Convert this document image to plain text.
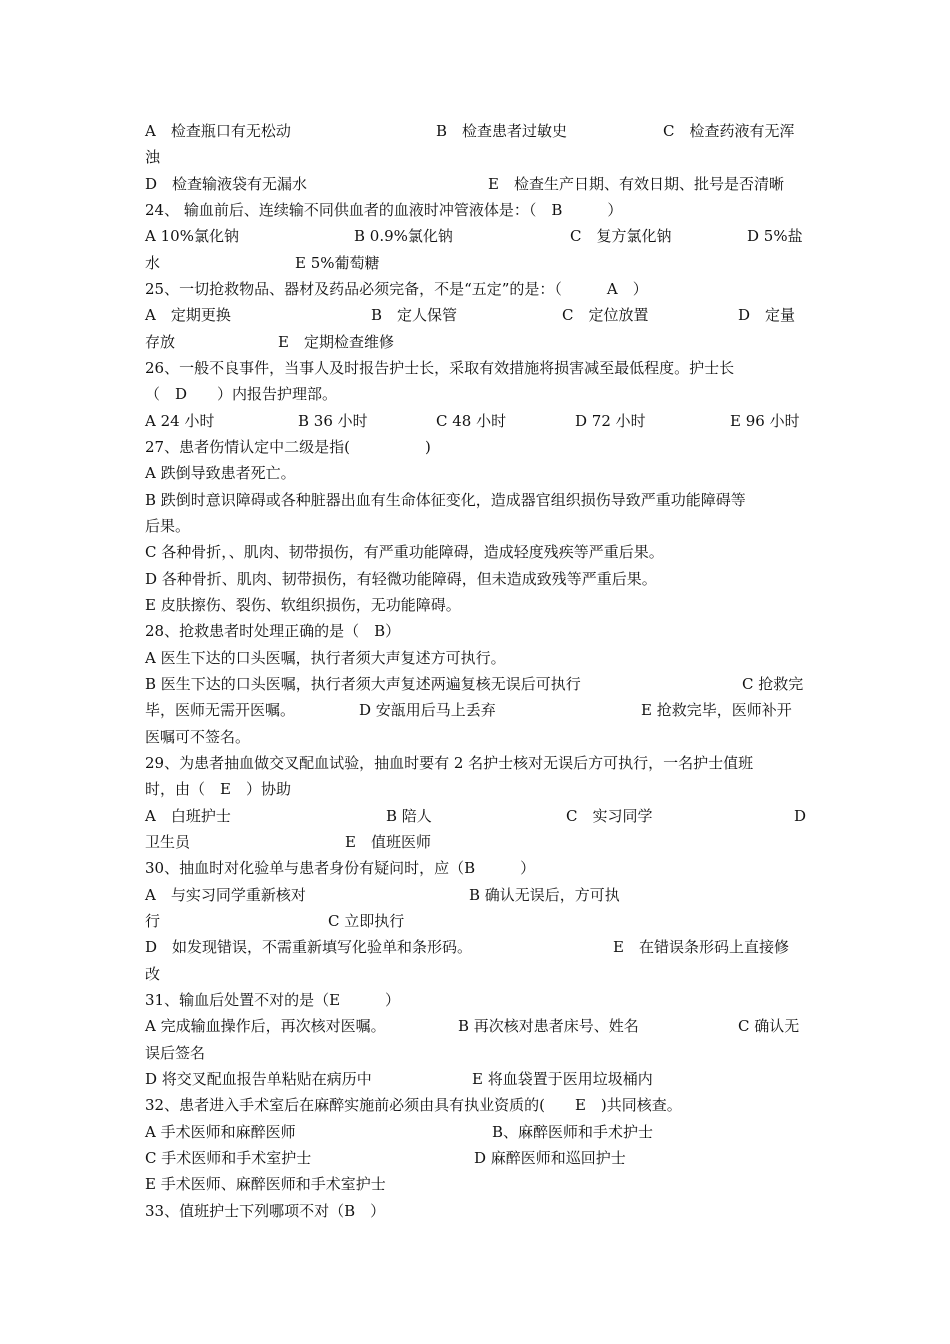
A　检查瓶口有无松动	B　检查患者过敏史	C　检查药液有无浑
浊
D　检查输液袋有无漏水	E　检查生产日期、有效日期、批号是否清晰
24、 输血前后、连续输不同供血者的血液时冲管液体是：（　B　　　）
A 10%氯化钠	B 0.9%氯化钠	C　复方氯化钠	D 5%盐
水	E 5%葡萄糖
25、一切抢救物品、器材及药品必须完备，不是“五定”的是：（　　　A　）
A　定期更换	B　定人保管	C　定位放置	D　定量
存放	E　定期检查维修
26、一般不良事件，当事人及时报告护士长，采取有效措施将损害减至最低程度。护士长
（　D　　）内报告护理部。
A 24 小时	B 36 小时	C 48 小时	D 72 小时	E 96 小时
27、患者伤情认定中二级是指(　　　　　)
A 跌倒导致患者死亡。
B 跌倒时意识障碍或各种脏器出血有生命体征变化，造成器官组织损伤导致严重功能障碍等
后果。
C 各种骨折，、肌肉、韧带损伤，有严重功能障碍，造成轻度残疾等严重后果。
D 各种骨折、肌肉、韧带损伤，有轻微功能障碍，但未造成致残等严重后果。
E 皮肤擦伤、裂伤、软组织损伤，无功能障碍。
28、抢救患者时处理正确的是（　B）
A 医生下达的口头医嘱，执行者须大声复述方可执行。
B 医生下达的口头医嘱，执行者须大声复述两遍复核无误后可执行	C 抢救完
毕，医师无需开医嘱。	D 安瓿用后马上丢弃	E 抢救完毕，医师补开
医嘱可不签名。
29、为患者抽血做交叉配血试验，抽血时要有 2 名护士核对无误后方可执行，一名护士值班
时，由（　E　）协助
A　白班护士	B 陪人	C　实习同学	D
卫生员	E　值班医师
30、抽血时对化验单与患者身份有疑问时，应（B　　　）
A　与实习同学重新核对	B 确认无误后，方可执
行	C 立即执行
D　如发现错误，不需重新填写化验单和条形码。	E　在错误条形码上直接修
改
31、输血后处置不对的是（E　　　）
A 完成输血操作后，再次核对医嘱。	B 再次核对患者床号、姓名	C 确认无
误后签名
D 将交叉配血报告单粘贴在病历中	E 将血袋置于医用垃圾桶内
32、患者进入手术室后在麻醉实施前必须由具有执业资质的(　　E　)共同核查。
A 手术医师和麻醉医师	B、麻醉医师和手术护士
C 手术医师和手术室护士	D 麻醉医师和巡回护士
E 手术医师、麻醉医师和手术室护士
33、值班护士下列哪项不对（B　）
